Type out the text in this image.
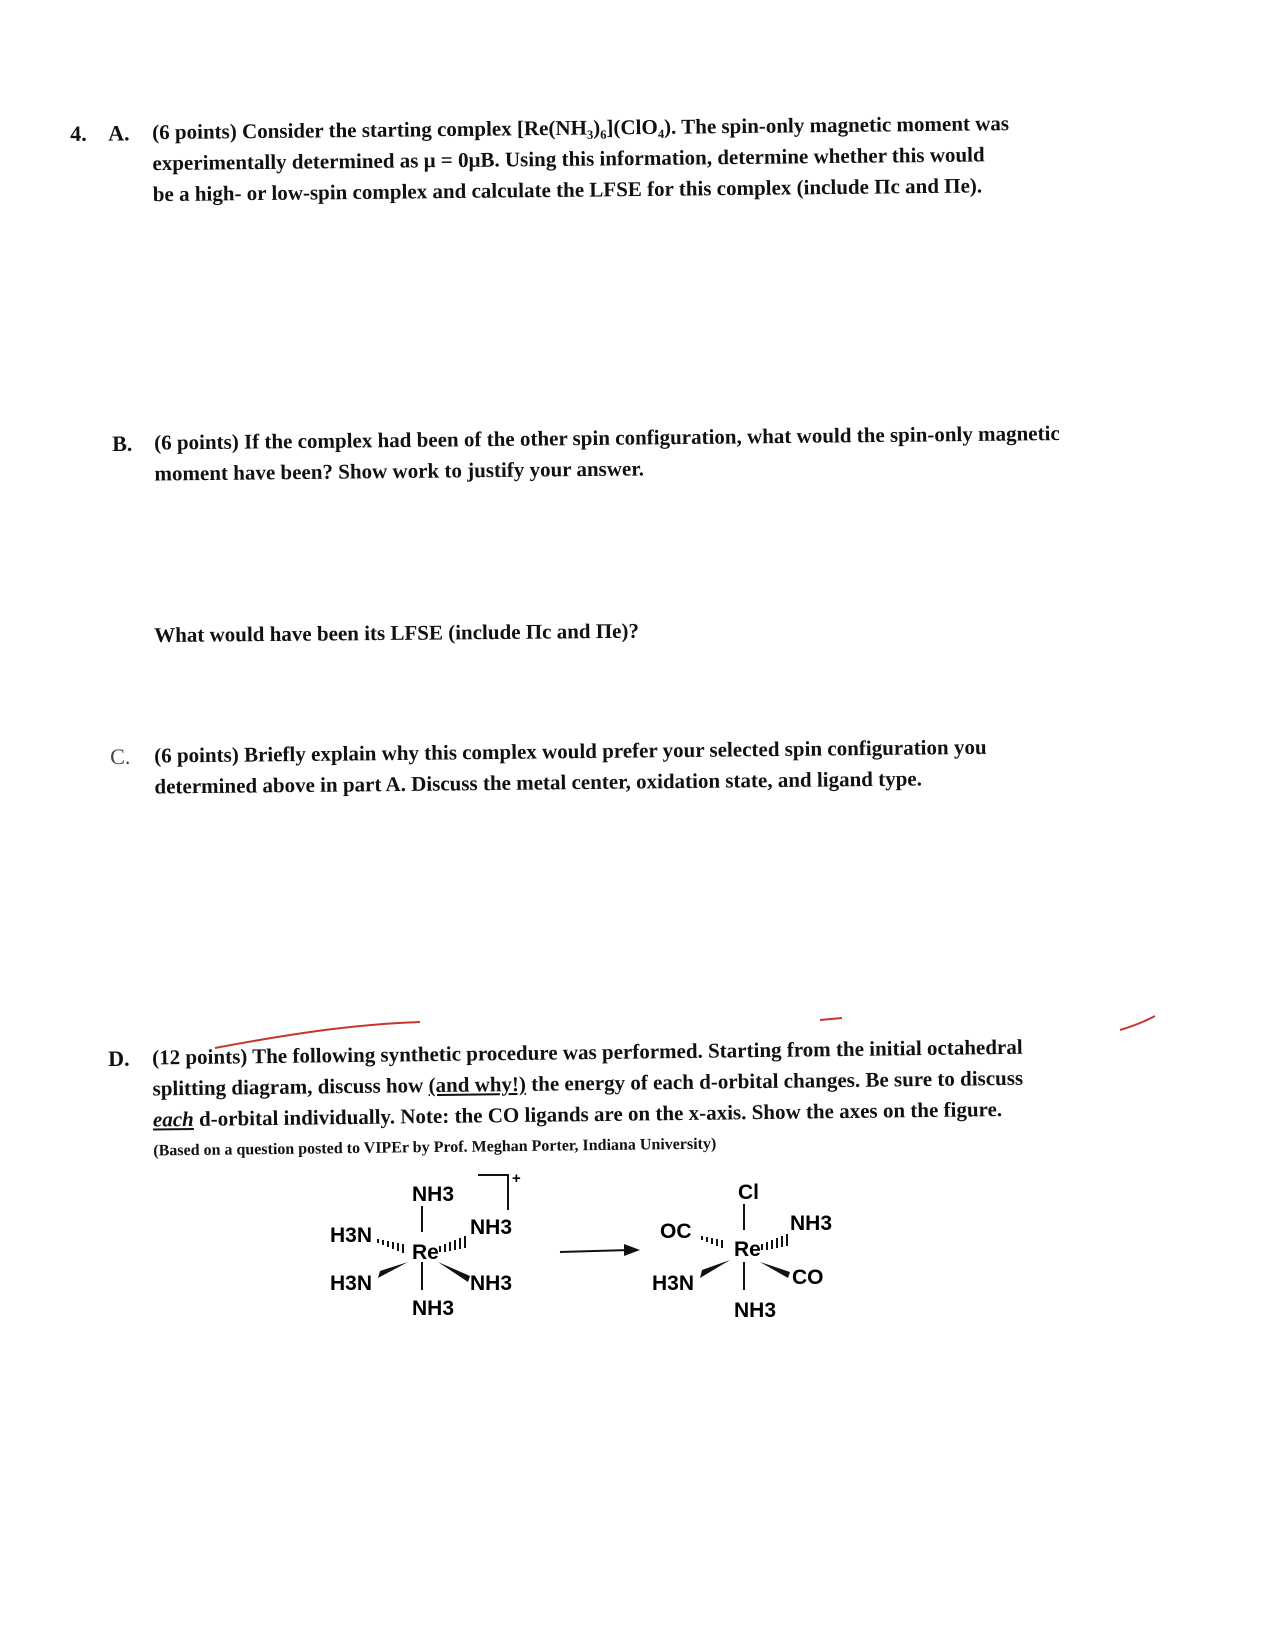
4. A. (6 points) Consider the starting complex [Re(NH₃)₆](ClO₄). The spin-only magnetic moment was
experimentally determined as μ = 0μB. Using this information, determine whether this would
be a high- or low-spin complex and calculate the LFSE for this complex (include Πc and Πe).
B. (6 points) If the complex had been of the other spin configuration, what would the spin-only magnetic
moment have been? Show work to justify your answer.
What would have been its LFSE (include Πc and Πe)?
C. (6 points) Briefly explain why this complex would prefer your selected spin configuration you
determined above in part A. Discuss the metal center, oxidation state, and ligand type.
D. (12 points) The following synthetic procedure was performed. Starting from the initial octahedral
splitting diagram, discuss how (and why!) the energy of each d-orbital changes. Be sure to discuss
each d-orbital individually. Note: the CO ligands are on the x-axis. Show the axes on the figure.
(Based on a question posted to VIPEr by Prof. Meghan Porter, Indiana University)
NH3
Re
NH3
H3N	NH3
H3N	NH3
+
Cl
Re
NH3
OC	NH3
H3N	CO
